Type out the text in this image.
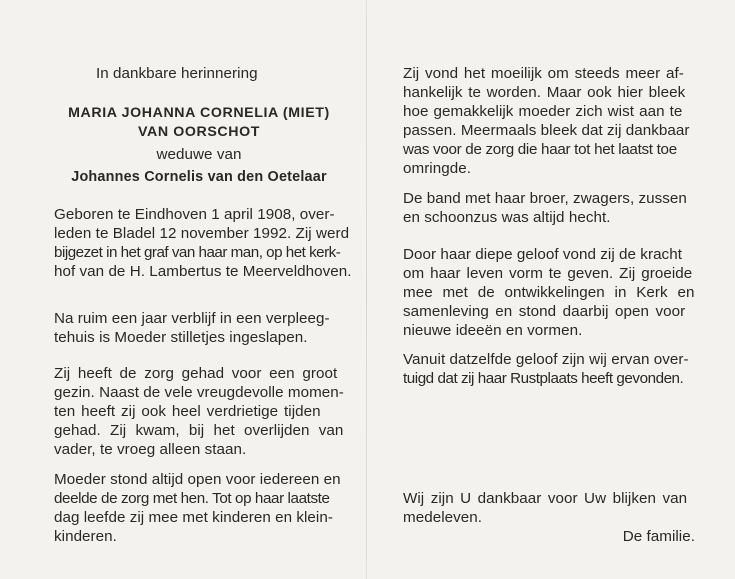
In dankbare herinnering

MARIA JOHANNA CORNELIA (MIET)
VAN OORSCHOT

weduwe van

Johannes Cornelis van den Oetelaar

Geboren te Eindhoven 1 april 1908, over-
leden te Bladel 12 november 1992. Zij werd
bijgezet in het graf van haar man, op het kerk-
hof van de H. Lambertus te Meerveldhoven.

Na ruim een jaar verblijf in een verpleeg-
tehuis is Moeder stilletjes ingeslapen.

Zij heeft de zorg gehad voor een groot
gezin. Naast de vele vreugdevolle momen-
ten heeft zij ook heel verdrietige tijden
gehad. Zij kwam, bij het overlijden van
vader, te vroeg alleen staan.

Moeder stond altijd open voor iedereen en
deelde de zorg met hen. Tot op haar laatste
dag leefde zij mee met kinderen en klein-
kinderen.

Zij vond het moeilijk om steeds meer af-
hankelijk te worden. Maar ook hier bleek
hoe gemakkelijk moeder zich wist aan te
passen. Meermaals bleek dat zij dankbaar
was voor de zorg die haar tot het laatst toe
omringde.

De band met haar broer, zwagers, zussen
en schoonzus was altijd hecht.

Door haar diepe geloof vond zij de kracht
om haar leven vorm te geven. Zij groeide
mee met de ontwikkelingen in Kerk en
samenleving en stond daarbij open voor
nieuwe ideeën en vormen.

Vanuit datzelfde geloof zijn wij ervan over-
tuigd dat zij haar Rustplaats heeft gevonden.

Wij zijn U dankbaar voor Uw blijken van
medeleven.

De familie.
